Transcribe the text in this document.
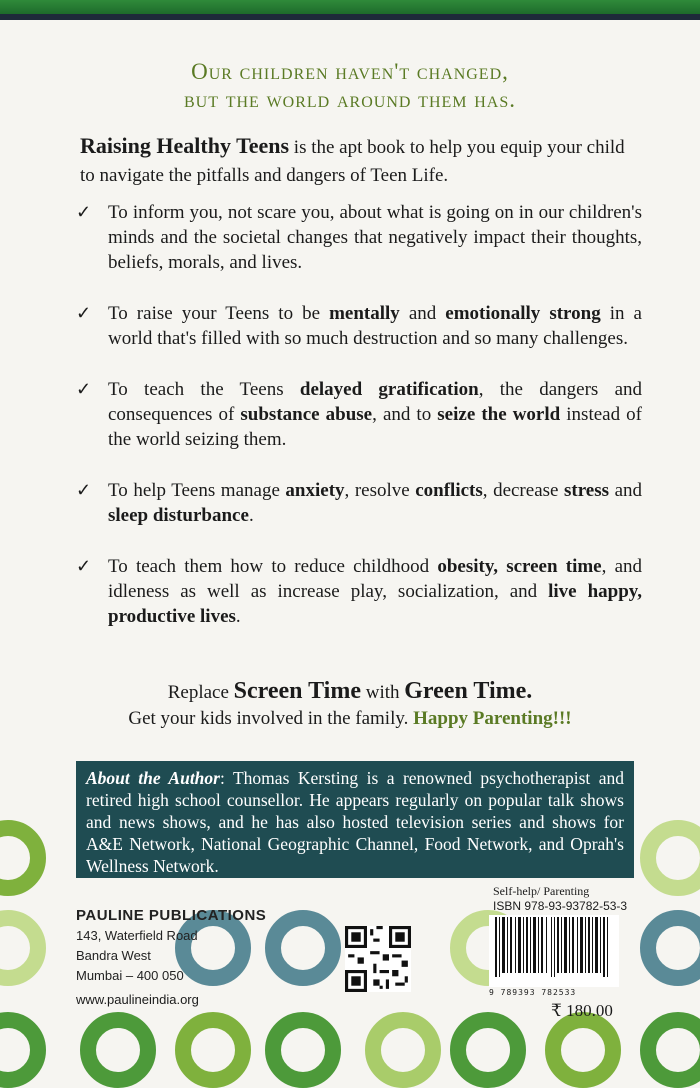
Our children haven't changed,
but the world around them has.
Raising Healthy Teens is the apt book to help you equip your child to navigate the pitfalls and dangers of Teen Life.
✓ To inform you, not scare you, about what is going on in our children's minds and the societal changes that negatively impact their thoughts, beliefs, morals, and lives.
✓ To raise your Teens to be mentally and emotionally strong in a world that's filled with so much destruction and so many challenges.
✓ To teach the Teens delayed gratification, the dangers and consequences of substance abuse, and to seize the world instead of the world seizing them.
✓ To help Teens manage anxiety, resolve conflicts, decrease stress and sleep disturbance.
✓ To teach them how to reduce childhood obesity, screen time, and idleness as well as increase play, socialization, and live happy, productive lives.
Replace Screen Time with Green Time.
Get your kids involved in the family. Happy Parenting!!!
About the Author: Thomas Kersting is a renowned psychotherapist and retired high school counsellor. He appears regularly on popular talk shows and news shows, and he has also hosted television series and shows for A&E Network, National Geographic Channel, Food Network, and Oprah's Wellness Network.
PAULINE PUBLICATIONS
143, Waterfield Road
Bandra West
Mumbai – 400 050
www.paulineindia.org
Self-help/ Parenting
ISBN 978-93-93782-53-3
9 789393 782533
₹ 180.00
